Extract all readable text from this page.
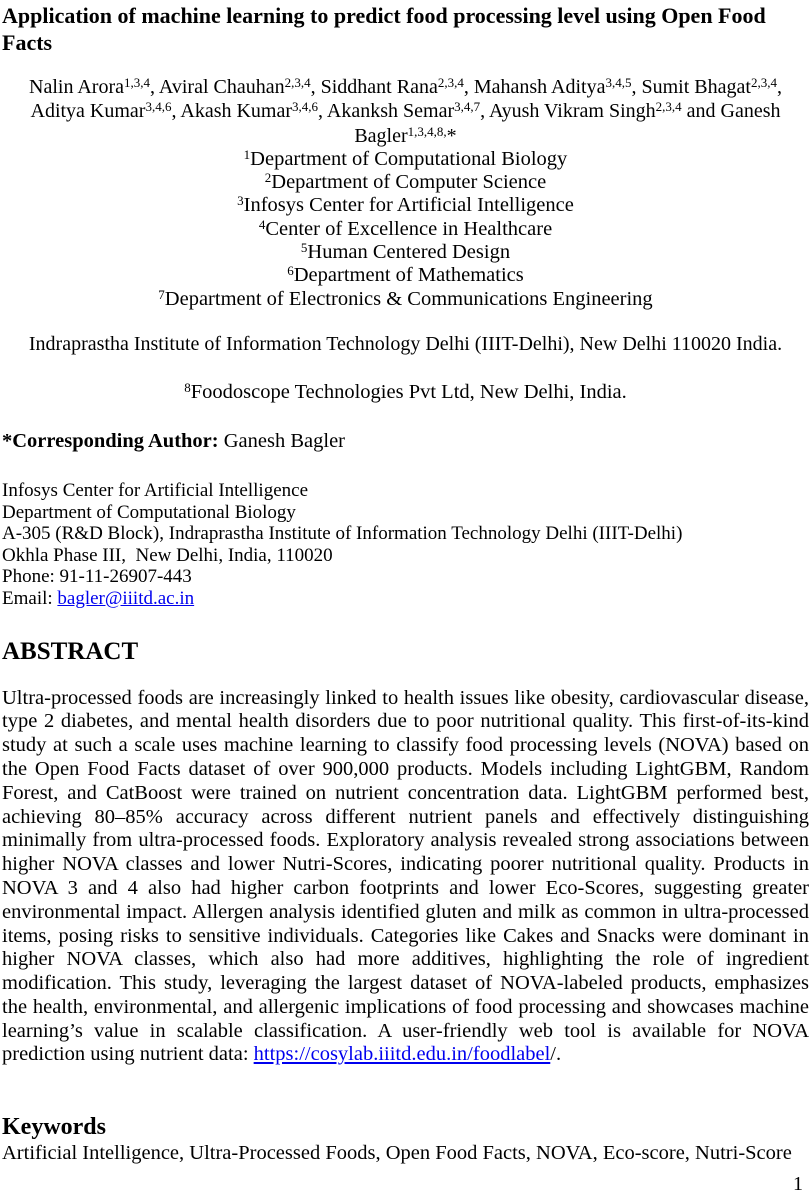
Application of machine learning to predict food processing level using Open Food Facts
Nalin Arora$^{1,3,4}$, Aviral Chauhan$^{2,3,4}$, Siddhant Rana$^{2,3,4}$, Mahansh Aditya$^{3,4,5}$, Sumit Bhagat$^{2,3,4}$,
Aditya Kumar$^{3,4,6}$, Akash Kumar$^{3,4,6}$, Akanksh Semar$^{3,4,7}$, Ayush Vikram Singh$^{2,3,4}$ and Ganesh
Bagler$^{1,3,4,8,}$*
$^1$Department of Computational Biology
$^2$Department of Computer Science
$^3$Infosys Center for Artificial Intelligence
$^4$Center of Excellence in Healthcare
$^5$Human Centered Design
$^6$Department of Mathematics
$^7$Department of Electronics & Communications Engineering

Indraprastha Institute of Information Technology Delhi (IIIT-Delhi), New Delhi 110020 India.

$^8$Foodoscope Technologies Pvt Ltd, New Delhi, India.

*Corresponding Author: Ganesh Bagler

Infosys Center for Artificial Intelligence
Department of Computational Biology
A-305 (R&D Block), Indraprastha Institute of Information Technology Delhi (IIIT-Delhi)
Okhla Phase III,  New Delhi, India, 110020
Phone: 91-11-26907-443
Email: bagler@iiitd.ac.in
ABSTRACT

Ultra-processed foods are increasingly linked to health issues like obesity, cardiovascular disease, type 2 diabetes, and mental health disorders due to poor nutritional quality. This first-of-its-kind study at such a scale uses machine learning to classify food processing levels (NOVA) based on the Open Food Facts dataset of over 900,000 products. Models including LightGBM, Random Forest, and CatBoost were trained on nutrient concentration data. LightGBM performed best, achieving 80–85% accuracy across different nutrient panels and effectively distinguishing minimally from ultra-processed foods. Exploratory analysis revealed strong associations between higher NOVA classes and lower Nutri-Scores, indicating poorer nutritional quality. Products in NOVA 3 and 4 also had higher carbon footprints and lower Eco-Scores, suggesting greater environmental impact. Allergen analysis identified gluten and milk as common in ultra-processed items, posing risks to sensitive individuals. Categories like Cakes and Snacks were dominant in higher NOVA classes, which also had more additives, highlighting the role of ingredient modification. This study, leveraging the largest dataset of NOVA-labeled products, emphasizes the health, environmental, and allergenic implications of food processing and showcases machine learning’s value in scalable classification. A user-friendly web tool is available for NOVA prediction using nutrient data: https://cosylab.iiitd.edu.in/foodlabel/.

Keywords

Artificial Intelligence, Ultra-Processed Foods, Open Food Facts, NOVA, Eco-score, Nutri-Score

1
